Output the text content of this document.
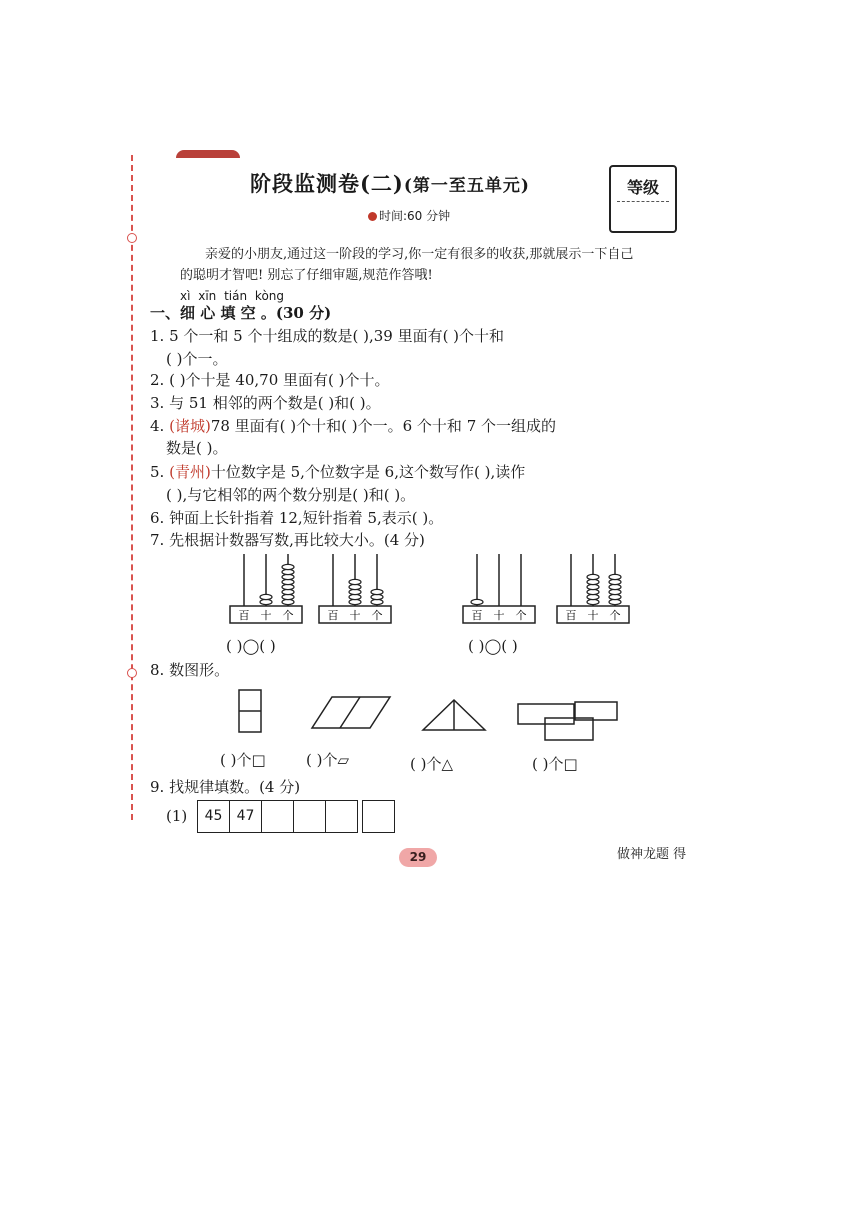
阶段监测卷(二)(第一至五单元)
时间:60 分钟
等级
亲爱的小朋友,通过这一阶段的学习,你一定有很多的收获,那就展示一下自己
的聪明才智吧! 别忘了仔细审题,规范作答哦!
xì xīn tián kòng
一、细 心 填 空 。(30 分)
1. 5 个一和 5 个十组成的数是( ),39 里面有( )个十和
( )个一。
2. ( )个十是 40,70 里面有( )个十。
3. 与 51 相邻的两个数是( )和( )。
4. (诸城)78 里面有( )个十和( )个一。6 个十和 7 个一组成的
数是( )。
5. (青州)十位数字是 5,个位数字是 6,这个数写作( ),读作
( ),与它相邻的两个数分别是( )和( )。
6. 钟面上长针指着 12,短针指着 5,表示( )。
7. 先根据计数器写数,再比较大小。(4 分)
百 十 个	百 十 个	百 十 个	百 十 个
( )◯( )	( )◯( )
8. 数图形。
( )个□	( )个▱	( )个△	( )个□
9. 找规律填数。(4 分)
(1)	45	47
29	做神龙题 得
